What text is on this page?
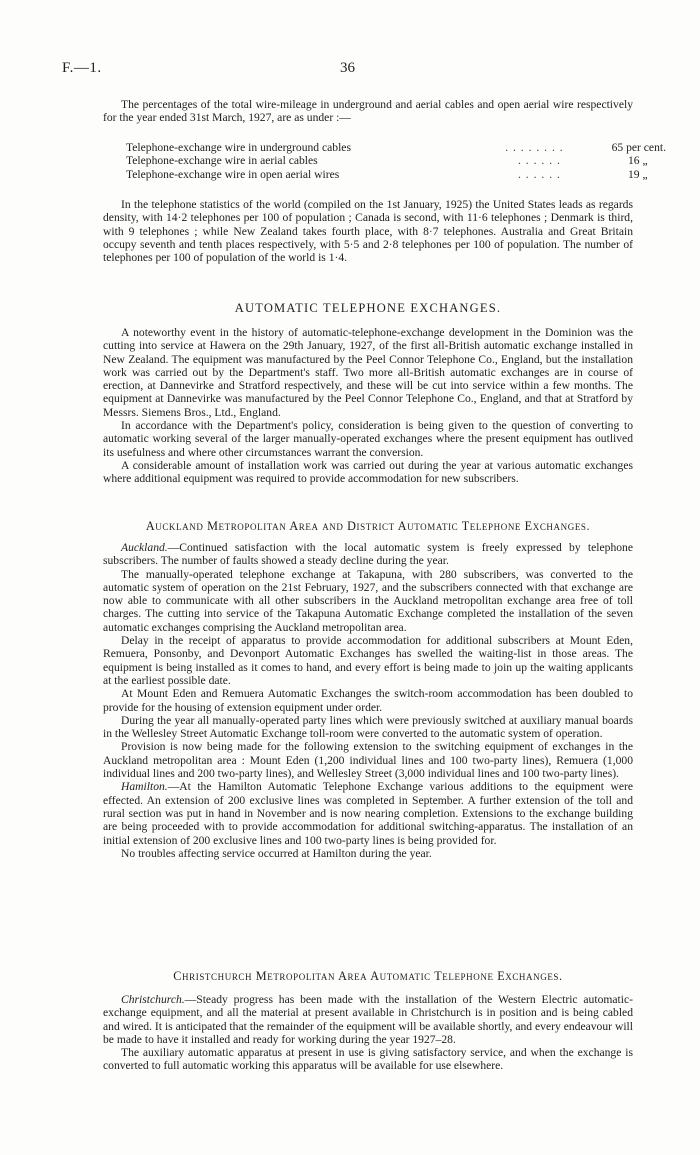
F.—1.	36

The percentages of the total wire-mileage in underground and aerial cables and open aerial wire respectively for the year ended 31st March, 1927, are as under :—

Telephone-exchange wire in underground cables	. . . . . . . .	65 per cent.
Telephone-exchange wire in aerial cables	. . . . . .	16 „
Telephone-exchange wire in open aerial wires	. . . . . .	19 „

In the telephone statistics of the world (compiled on the 1st January, 1925) the United States leads as regards density, with 14·2 telephones per 100 of population ; Canada is second, with 11·6 telephones ; Denmark is third, with 9 telephones ; while New Zealand takes fourth place, with 8·7 telephones. Australia and Great Britain occupy seventh and tenth places respectively, with 5·5 and 2·8 telephones per 100 of population. The number of telephones per 100 of population of the world is 1·4.

AUTOMATIC TELEPHONE EXCHANGES.

A noteworthy event in the history of automatic-telephone-exchange development in the Dominion was the cutting into service at Hawera on the 29th January, 1927, of the first all-British automatic exchange installed in New Zealand. The equipment was manufactured by the Peel Connor Telephone Co., England, but the installation work was carried out by the Department's staff. Two more all-British automatic exchanges are in course of erection, at Dannevirke and Stratford respectively, and these will be cut into service within a few months. The equipment at Dannevirke was manufactured by the Peel Connor Telephone Co., England, and that at Stratford by Messrs. Siemens Bros., Ltd., England.

In accordance with the Department's policy, consideration is being given to the question of converting to automatic working several of the larger manually-operated exchanges where the present equipment has outlived its usefulness and where other circumstances warrant the conversion.

A considerable amount of installation work was carried out during the year at various automatic exchanges where additional equipment was required to provide accommodation for new subscribers.

Auckland Metropolitan Area and District Automatic Telephone Exchanges.

Auckland.—Continued satisfaction with the local automatic system is freely expressed by telephone subscribers. The number of faults showed a steady decline during the year.

The manually-operated telephone exchange at Takapuna, with 280 subscribers, was converted to the automatic system of operation on the 21st February, 1927, and the subscribers connected with that exchange are now able to communicate with all other subscribers in the Auckland metropolitan exchange area free of toll charges. The cutting into service of the Takapuna Automatic Exchange completed the installation of the seven automatic exchanges comprising the Auckland metropolitan area.

Delay in the receipt of apparatus to provide accommodation for additional subscribers at Mount Eden, Remuera, Ponsonby, and Devonport Automatic Exchanges has swelled the waiting-list in those areas. The equipment is being installed as it comes to hand, and every effort is being made to join up the waiting applicants at the earliest possible date.

At Mount Eden and Remuera Automatic Exchanges the switch-room accommodation has been doubled to provide for the housing of extension equipment under order.

During the year all manually-operated party lines which were previously switched at auxiliary manual boards in the Wellesley Street Automatic Exchange toll-room were converted to the automatic system of operation.

Provision is now being made for the following extension to the switching equipment of exchanges in the Auckland metropolitan area : Mount Eden (1,200 individual lines and 100 two-party lines), Remuera (1,000 individual lines and 200 two-party lines), and Wellesley Street (3,000 individual lines and 100 two-party lines).

Hamilton.—At the Hamilton Automatic Telephone Exchange various additions to the equipment were effected. An extension of 200 exclusive lines was completed in September. A further extension of the toll and rural section was put in hand in November and is now nearing completion. Extensions to the exchange building are being proceeded with to provide accommodation for additional switching-apparatus. The installation of an initial extension of 200 exclusive lines and 100 two-party lines is being provided for.

No troubles affecting service occurred at Hamilton during the year.

Christchurch Metropolitan Area Automatic Telephone Exchanges.

Christchurch.—Steady progress has been made with the installation of the Western Electric automatic-exchange equipment, and all the material at present available in Christchurch is in position and is being cabled and wired. It is anticipated that the remainder of the equipment will be available shortly, and every endeavour will be made to have it installed and ready for working during the year 1927–28.

The auxiliary automatic apparatus at present in use is giving satisfactory service, and when the exchange is converted to full automatic working this apparatus will be available for use elsewhere.
